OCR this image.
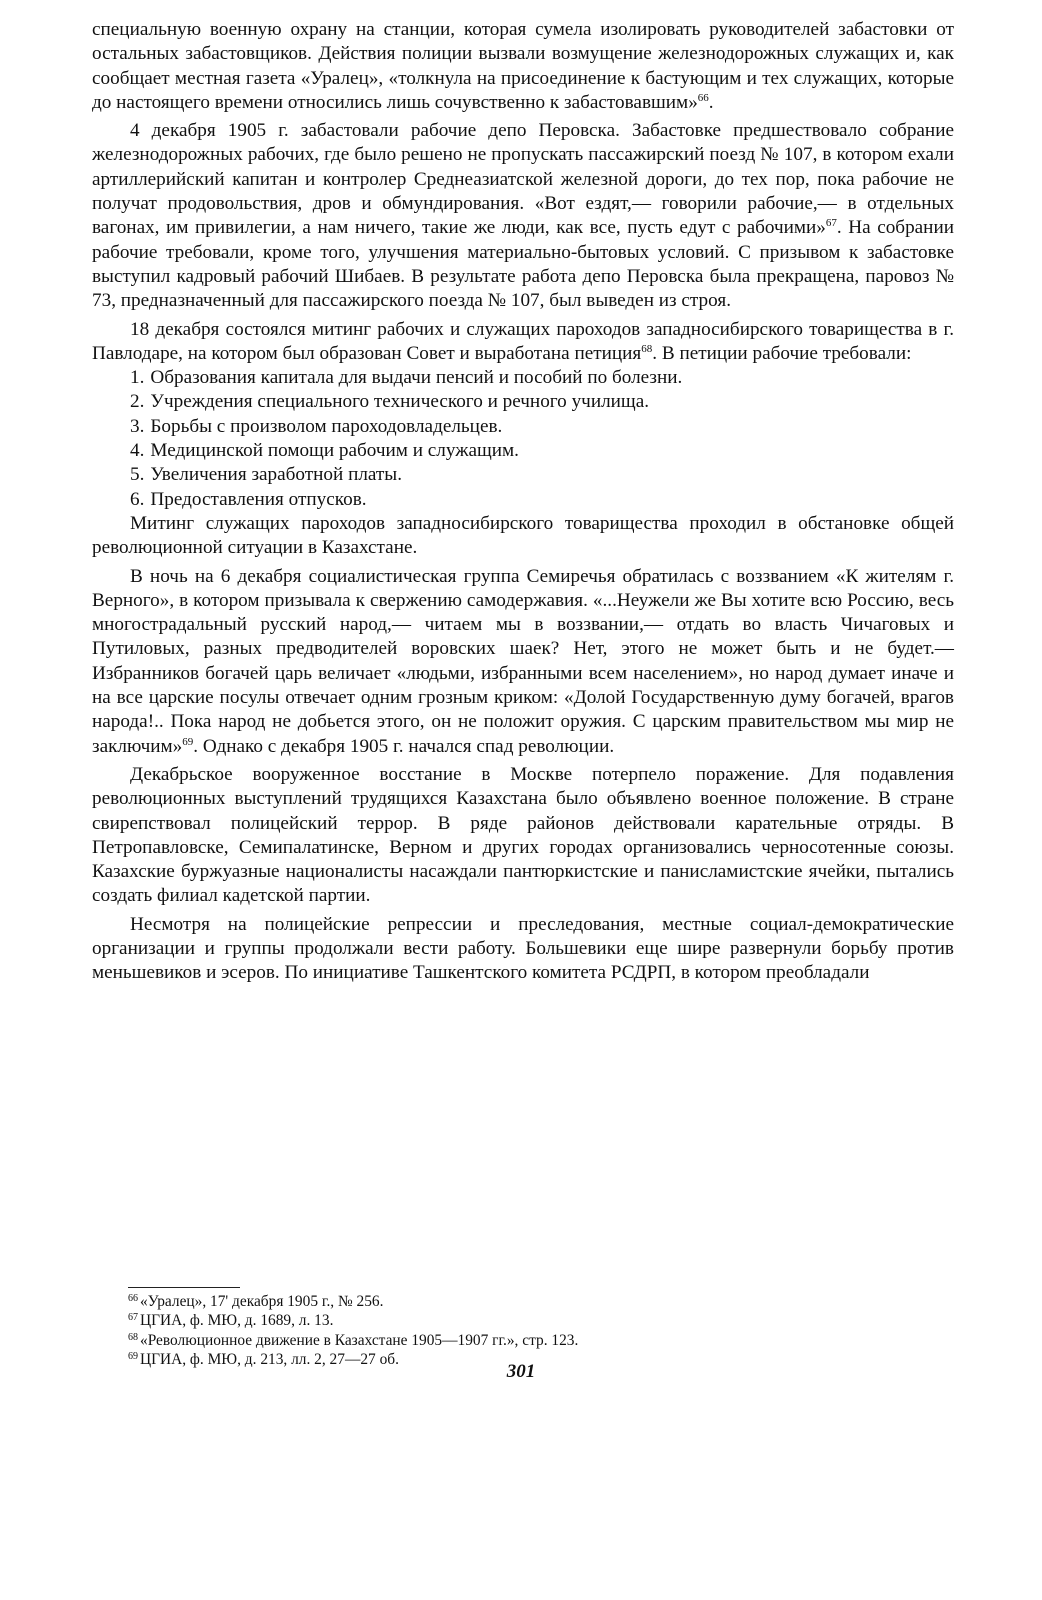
специальную военную охрану на станции, которая сумела изолировать руководителей забастовки от остальных забастовщиков. Действия полиции вызвали возмущение железнодорожных служащих и, как сообщает местная газета «Уралец», «толкнула на присоединение к бастующим и тех служащих, которые до настоящего времени относились лишь сочувственно к забастовавшим»$^{66}$.

4 декабря 1905 г. забастовали рабочие депо Перовска. Забастовке предшествовало собрание железнодорожных рабочих, где было решено не пропускать пассажирский поезд № 107, в котором ехали артиллерийский капитан и контролер Среднеазиатской железной дороги, до тех пор, пока рабочие не получат продовольствия, дров и обмундирования. «Вот ездят,— говорили рабочие,— в отдельных вагонах, им привилегии, а нам ничего, такие же люди, как все, пусть едут с рабочими»$^{67}$. На собрании рабочие требовали, кроме того, улучшения материально-бытовых условий. С призывом к забастовке выступил кадровый рабочий Шибаев. В результате работа депо Перовска была прекращена, паровоз № 73, предназначенный для пассажирского поезда № 107, был выведен из строя.

18 декабря состоялся митинг рабочих и служащих пароходов западносибирского товарищества в г. Павлодаре, на котором был образован Совет и выработана петиция$^{68}$. В петиции рабочие требовали:

1. Образования капитала для выдачи пенсий и пособий по болезни.
2. Учреждения специального технического и речного училища.
3. Борьбы с произволом пароходовладельцев.
4. Медицинской помощи рабочим и служащим.
5. Увеличения заработной платы.
6. Предоставления отпусков.

Митинг служащих пароходов западносибирского товарищества проходил в обстановке общей революционной ситуации в Казахстане.

В ночь на 6 декабря социалистическая группа Семиречья обратилась с воззванием «К жителям г. Верного», в котором призывала к свержению самодержавия. «...Неужели же Вы хотите всю Россию, весь многострадальный русский народ,— читаем мы в воззвании,— отдать во власть Чичаговых и Путиловых, разных предводителей воровских шаек? Нет, этого не может быть и не будет.— Избранников богачей царь величает «людьми, избранными всем населением», но народ думает иначе и на все царские посулы отвечает одним грозным криком: «Долой Государственную думу богачей, врагов народа!.. Пока народ не добьется этого, он не положит оружия. С царским правительством мы мир не заключим»$^{69}$. Однако с декабря 1905 г. начался спад революции.

Декабрьское вооруженное восстание в Москве потерпело поражение. Для подавления революционных выступлений трудящихся Казахстана было объявлено военное положение. В стране свирепствовал полицейский террор. В ряде районов действовали карательные отряды. В Петропавловске, Семипалатинске, Верном и других городах организовались черносотенные союзы. Казахские буржуазные националисты насаждали пантюркистские и панисламистские ячейки, пытались создать филиал кадетской партии.

Несмотря на полицейские репрессии и преследования, местные социал-демократические организации и группы продолжали вести работу. Большевики еще шире развернули борьбу против меньшевиков и эсеров. По инициативе Ташкентского комитета РСДРП, в котором преобладали

$^{66}$ «Уралец», 17' декабря 1905 г., № 256.

$^{67}$ ЦГИА, ф. МЮ, д. 1689, л. 13.

$^{68}$ «Революционное движение в Казахстане 1905—1907 гг.», стр. 123.

$^{69}$ ЦГИА, ф. МЮ, д. 213, лл. 2, 27—27 об.

301
